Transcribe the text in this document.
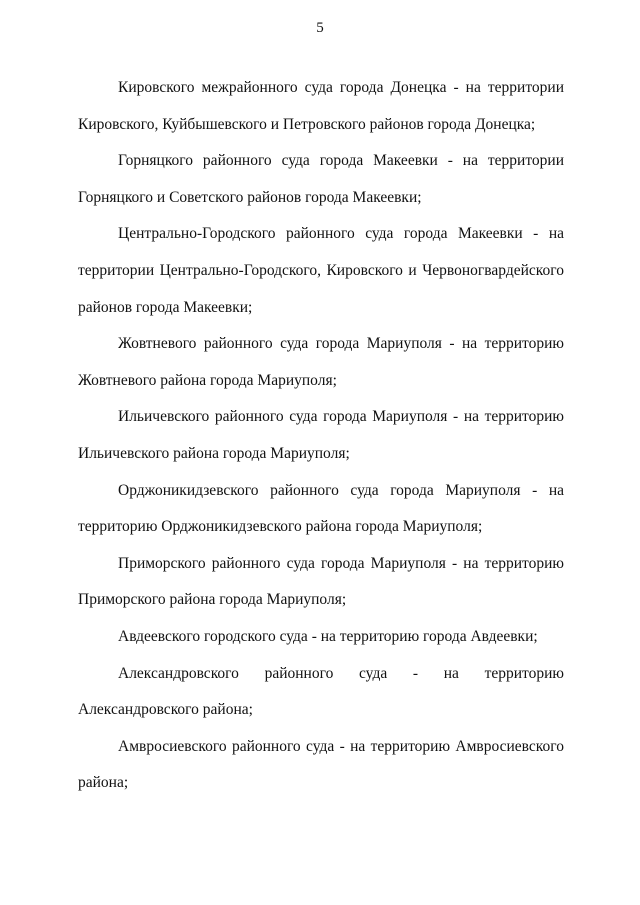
5
Кировского межрайонного суда города Донецка - на территории
Кировского, Куйбышевского и Петровского районов города Донецка;
Горняцкого районного суда города Макеевки - на территории
Горняцкого и Советского районов города Макеевки;
Центрально-Городского районного суда города Макеевки - на
территории Центрально-Городского, Кировского и Червоногвардейского
районов города Макеевки;
Жовтневого районного суда города Мариуполя - на территорию
Жовтневого района города Мариуполя;
Ильичевского районного суда города Мариуполя - на территорию
Ильичевского района города Мариуполя;
Орджоникидзевского районного суда города Мариуполя - на
территорию Орджоникидзевского района города Мариуполя;
Приморского районного суда города Мариуполя - на территорию
Приморского района города Мариуполя;
Авдеевского городского суда - на территорию города Авдеевки;
Александровского районного суда - на территорию
Александровского района;
Амвросиевского районного суда - на территорию Амвросиевского
района;
